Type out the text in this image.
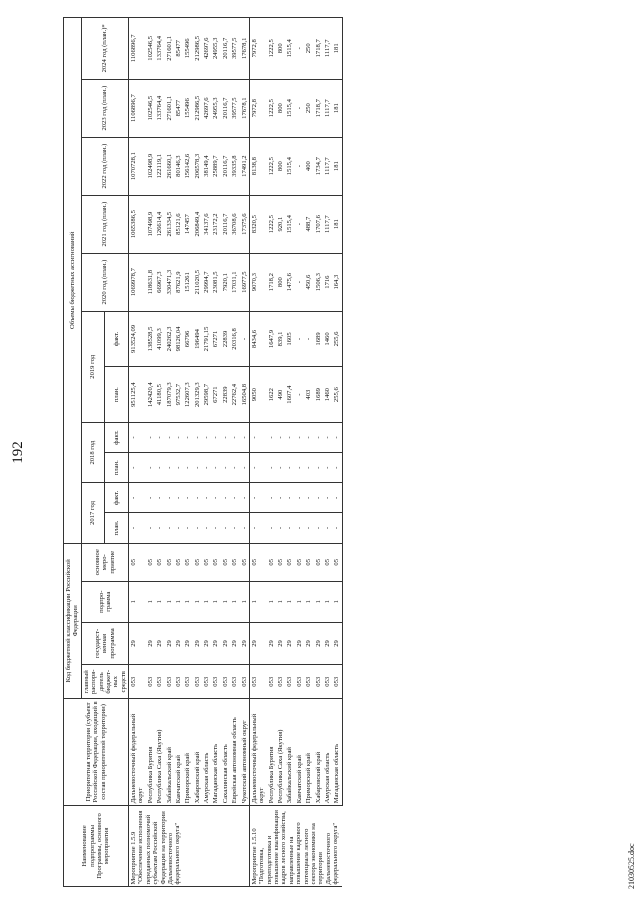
192
Наименование подпрограммы Программы, основного мероприятия	Приоритетная территория (субъект Российской Федерации, входящий в состав приоритетной территории)	Код бюджетной классификации Российской Федерации				Объемы бюджетных ассигнований										
		главный распоря-дитель бюджет-ных средств	государст-венная программа	подпро-грамма	основное меро-приятие	2017 год		2018 год		2019 год		2020 год (план.)	2021 год (план.)	2022 год (план.)	2023 год (план.)	2024 год (план.)*
						план.	факт.	план.	факт.	план.	факт.					
Мероприятие 1.5.9 "Обеспечение исполнения переданных полномочий субъектам Российской Федерации на территории Дальневосточного федерального округа"	Дальневосточный федеральный округ	053	29	1	05	-	-	-	-	951125,4	913524,09	1069978,7	1065386,5	1070728,1	1106896,7	1106896,7
	Республика Бурятия	053	29	1	05	-	-	-	-	142420,4	138528,5	118631,8	107498,9	102498,9	102546,5	102546,5
	Республика Саха (Якутия)	053	29	1	05	-	-	-	-	41180,5	41099,3	66967,3	126614,4	122119,1	133764,4	133764,4
	Забайкальский край	053	29	1	05	-	-	-	-	187079,3	240262,3	330471,3	261334,5	261660,1	271601,1	271601,1
	Камчатский край	053	29	1	05	-	-	-	-	97532,7	98126,04	87621,9	85121,6	80146,3	85477	85477
	Приморский край	053	29	1	05	-	-	-	-	122607,3	66796	151261	147457	156142,6	155496	155496
	Хабаровский край	053	29	1	05	-	-	-	-	201329,3	196494	211020,5	206849,4	206578,3	212986,5	212986,5
	Амурская область	053	29	1	05	-	-	-	-	29598,7	21791,15	29994,7	34137,6	38149,4	42697,6	42697,6
	Магаданская область	053	29	1	05	-	-	-	-	67271	67271	23081,5	23172,2	25889,7	24955,3	24955,3
	Сахалинская область	053	29	1	05	-	-	-	-	22839	22839	7920,1	20116,7	20116,7	20116,7	20116,7
	Еврейская автономная область	053	29	1	05	-	-	-	-	22762,4	20316,8	17031,1	36708,6	39335,8	39577,5	39577,5
	Чукотский автономный округ	053	29	1	05	-	-	-	-	16504,8	-	16977,5	17375,6	17491,2	17678,1	17678,1
Мероприятие 1.5.10 "Подготовка, переподготовка и повышение квалификации кадров лесного хозяйства, направленные на повышение кадрового потенциала лесного сектора экономики на территории Дальневосточного федерального округа"	Дальневосточный федеральный округ	053	29	1	05	-	-	-	-	9050	8434,6	9070,3	8320,5	8138,8	7972,8	7972,8
	Республика Бурятия	053	29	1	05	-	-	-	-	1622	1647,9	1718,2	1222,5	1222,5	1222,5	1222,5
	Республика Саха (Якутия)	053	29	1	05	-	-	-	-	490	839,1	800	920,1	800	800	800
	Забайкальский край	053	29	1	05	-	-	-	-	1607,4	1605	1475,6	1515,4	1515,4	1515,4	1515,4
	Камчатский край	053	29	1	05	-	-	-	-	-	-	-	-	-	-	-
	Приморский край	053	29	1	05	-	-	-	-	403	-	450,6	488,7	400	250	250
	Хабаровский край	053	29	1	05	-	-	-	-	1689	1689	1506,3	1707,6	1734,7	1718,7	1718,7
	Амурская область	053	29	1	05	-	-	-	-	1460	1460	1716	1117,7	1117,7	1117,7	1117,7
	Магаданская область	053	29	1	05	-	-	-	-	255,6	255,6	164,3	181	181	181	181
21030525.doc
